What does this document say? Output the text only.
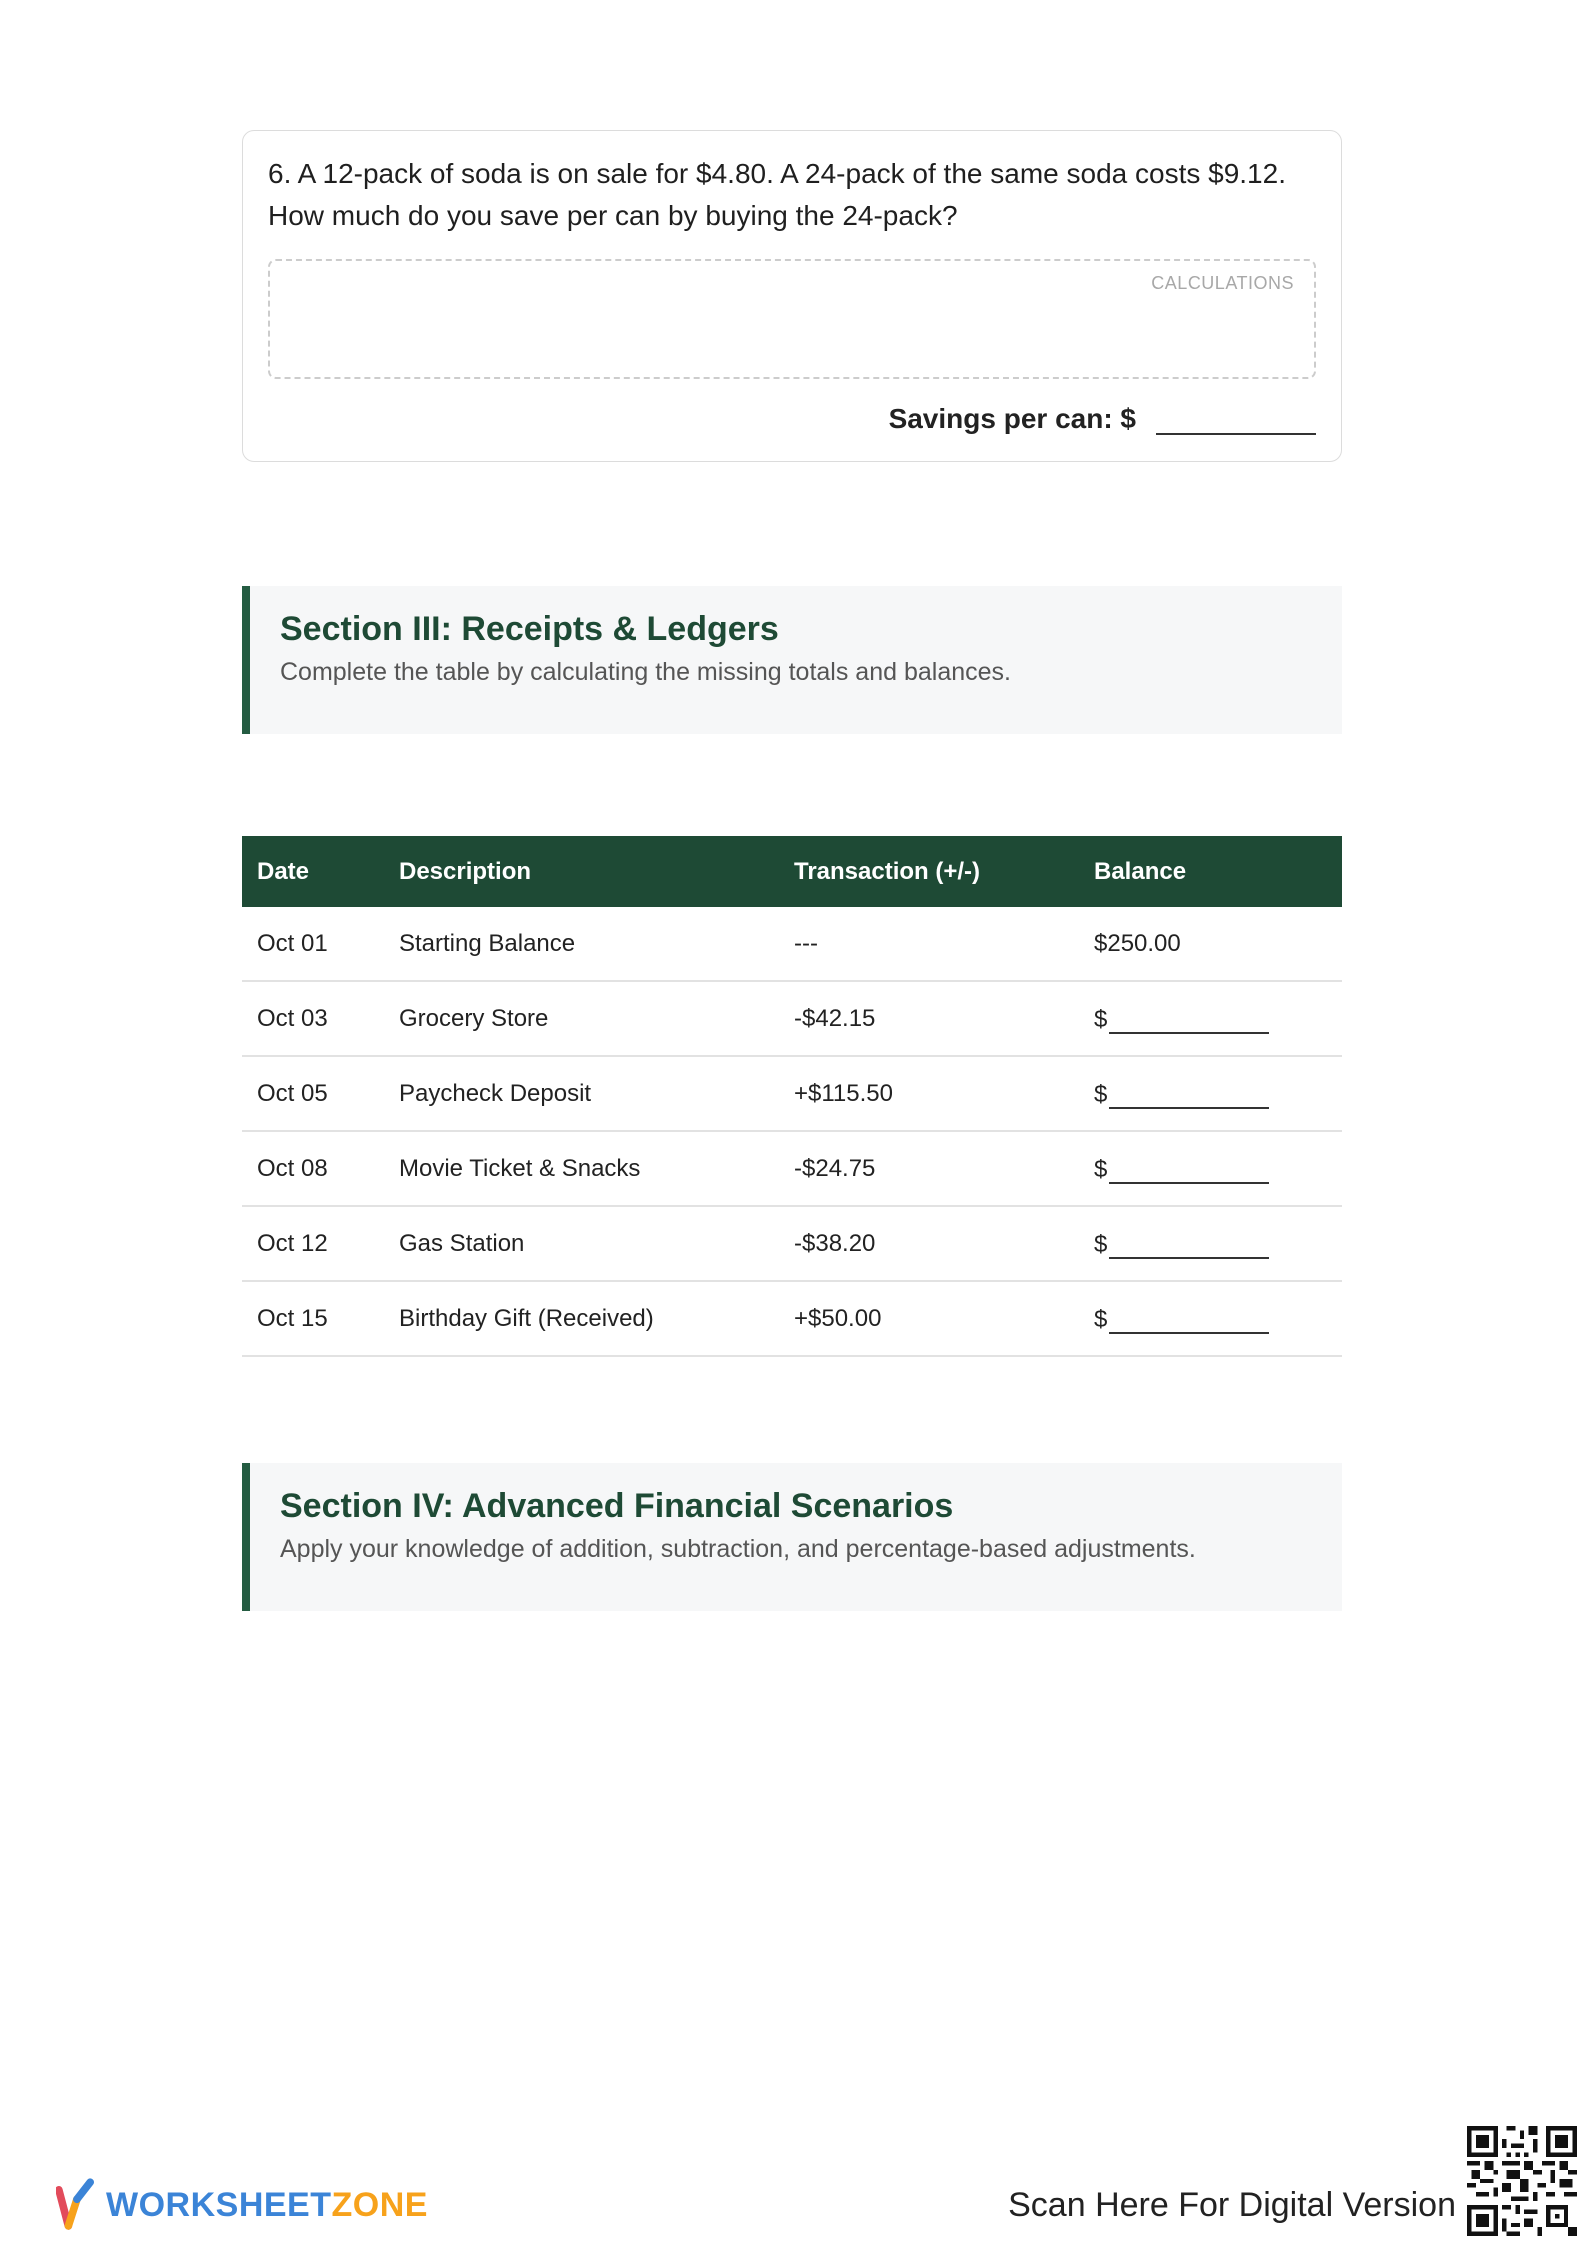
6. A 12-pack of soda is on sale for $4.80. A 24-pack of the same soda costs $9.12.
How much do you save per can by buying the 24-pack?

CALCULATIONS
Savings per can: $
Section III: Receipts & Ledgers

Complete the table by calculating the missing totals and balances.

Date	Description	Transaction (+/-)	Balance
Oct 01	Starting Balance	---	$250.00
Oct 03	Grocery Store	-$42.15	$
Oct 05	Paycheck Deposit	+$115.50	$
Oct 08	Movie Ticket & Snacks	-$24.75	$
Oct 12	Gas Station	-$38.20	$
Oct 15	Birthday Gift (Received)	+$50.00	$
Section IV: Advanced Financial Scenarios

Apply your knowledge of addition, subtraction, and percentage-based adjustments.

WORKSHEET ZONE	Scan Here For Digital Version
